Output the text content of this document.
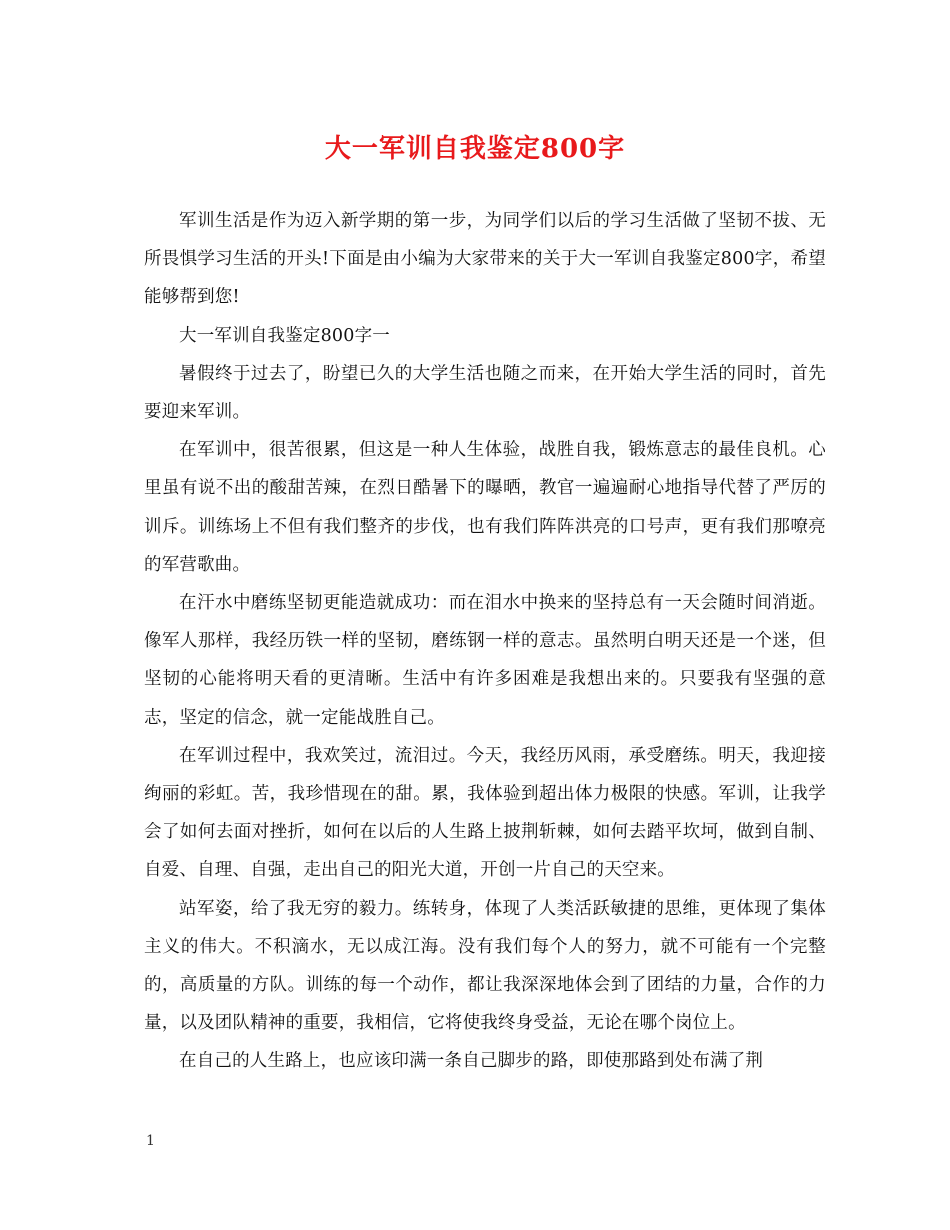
大一军训自我鉴定800字

军训生活是作为迈入新学期的第一步，为同学们以后的学习生活做了坚韧不拔、无所畏惧学习生活的开头!下面是由小编为大家带来的关于大一军训自我鉴定800字，希望能够帮到您!

大一军训自我鉴定800字一

暑假终于过去了，盼望已久的大学生活也随之而来，在开始大学生活的同时，首先要迎来军训。

在军训中，很苦很累，但这是一种人生体验，战胜自我，锻炼意志的最佳良机。心里虽有说不出的酸甜苦辣，在烈日酷暑下的曝晒，教官一遍遍耐心地指导代替了严厉的训斥。训练场上不但有我们整齐的步伐，也有我们阵阵洪亮的口号声，更有我们那嘹亮的军营歌曲。

在汗水中磨练坚韧更能造就成功：而在泪水中换来的坚持总有一天会随时间消逝。像军人那样，我经历铁一样的坚韧，磨练钢一样的意志。虽然明白明天还是一个迷，但坚韧的心能将明天看的更清晰。生活中有许多困难是我想出来的。只要我有坚强的意志，坚定的信念，就一定能战胜自己。

在军训过程中，我欢笑过，流泪过。今天，我经历风雨，承受磨练。明天，我迎接绚丽的彩虹。苦，我珍惜现在的甜。累，我体验到超出体力极限的快感。军训，让我学会了如何去面对挫折，如何在以后的人生路上披荆斩棘，如何去踏平坎坷，做到自制、自爱、自理、自强，走出自己的阳光大道，开创一片自己的天空来。

站军姿，给了我无穷的毅力。练转身，体现了人类活跃敏捷的思维，更体现了集体主义的伟大。不积滴水，无以成江海。没有我们每个人的努力，就不可能有一个完整的，高质量的方队。训练的每一个动作，都让我深深地体会到了团结的力量，合作的力量，以及团队精神的重要，我相信，它将使我终身受益，无论在哪个岗位上。

在自己的人生路上，也应该印满一条自己脚步的路，即使那路到处布满了荆

1
